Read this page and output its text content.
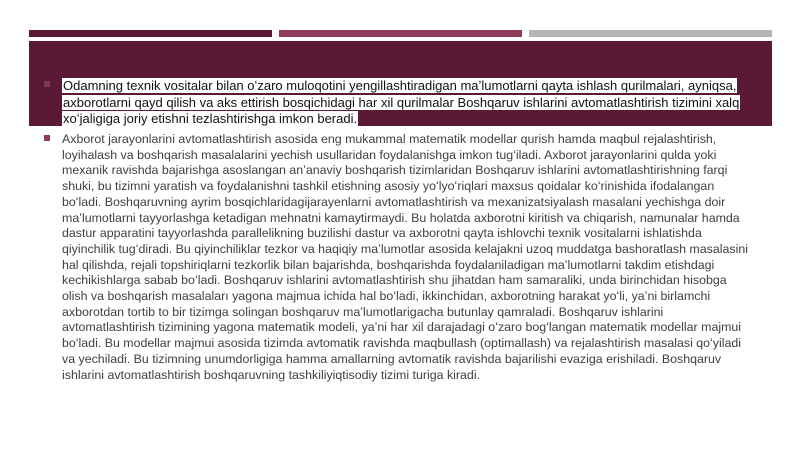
Odamning texnik vositalar bilan oʻzaro muloqotini yengillashtiradigan maʼlumotlarni qayta ishlash qurilmalari, ayniqsa, axborotlarni qayd qilish va aks ettirish bosqichidagi har xil qurilmalar Boshqaruv ishlarini avtomatlashtirish tizimini xalq xoʻjaligiga joriy etishni tezlashtirishga imkon beradi.

Axborot jarayonlarini avtomatlashtirish asosida eng mukammal matematik modellar qurish hamda maqbul rejalashtirish, loyihalash va boshqarish masalalarini yechish usullaridan foydalanishga imkon tugʻiladi. Axborot jarayonlarini qulda yoki mexanik ravishda bajarishga asoslangan anʼanaviy boshqarish tizimlaridan Boshqaruv ishlarini avtomatlashtirishning farqi shuki, bu tizimni yaratish va foydalanishni tashkil etishning asosiy yoʻlyoʻriqlari maxsus qoidalar koʻrinishida ifodalangan boʻladi. Boshqaruvning ayrim bosqichlaridagijarayenlarni avtomatlashtirish va mexanizatsiyalash masalani yechishga doir maʼlumotlarni tayyorlashga ketadigan mehnatni kamaytirmaydi. Bu holatda axborotni kiritish va chiqarish, namunalar hamda dastur apparatini tayyorlashda parallelikning buzilishi dastur va axborotni qayta ishlovchi texnik vositalarni ishlatishda qiyinchilik tugʻdiradi. Bu qiyinchiliklar tezkor va haqiqiy maʼlumotlar asosida kelajakni uzoq muddatga bashoratlash masalasini hal qilishda, rejali topshiriqlarni tezkorlik bilan bajarishda, boshqarishda foydalaniladigan maʼlumotlarni takdim etishdagi kechikishlarga sabab boʻladi. Boshqaruv ishlarini avtomatlashtirish shu jihatdan ham samaraliki, unda birinchidan hisobga olish va boshqarish masalaları yagona majmua ichida hal boʻladi, ikkinchidan, axborotning harakat yoʻli, yaʼni birlamchi axborotdan tortib to bir tizimga solingan boshqaruv maʼlumotlarigacha butunlay qamraladi. Boshqaruv ishlarini avtomatlashtirish tizimining yagona matematik modeli, yaʼni har xil darajadagi oʻzaro bogʻlangan matematik modellar majmui boʻladi. Bu modellar majmui asosida tizimda avtomatik ravishda maqbullash (optimallash) va rejalashtirish masalasi qoʻyiladi va yechiladi. Bu tizimning unumdorligiga hamma amallarning avtomatik ravishda bajarilishi evaziga erishiladi. Boshqaruv ishlarini avtomatlashtirish boshqaruvning tashkiliyiqtisodiy tizimi turiga kiradi.
